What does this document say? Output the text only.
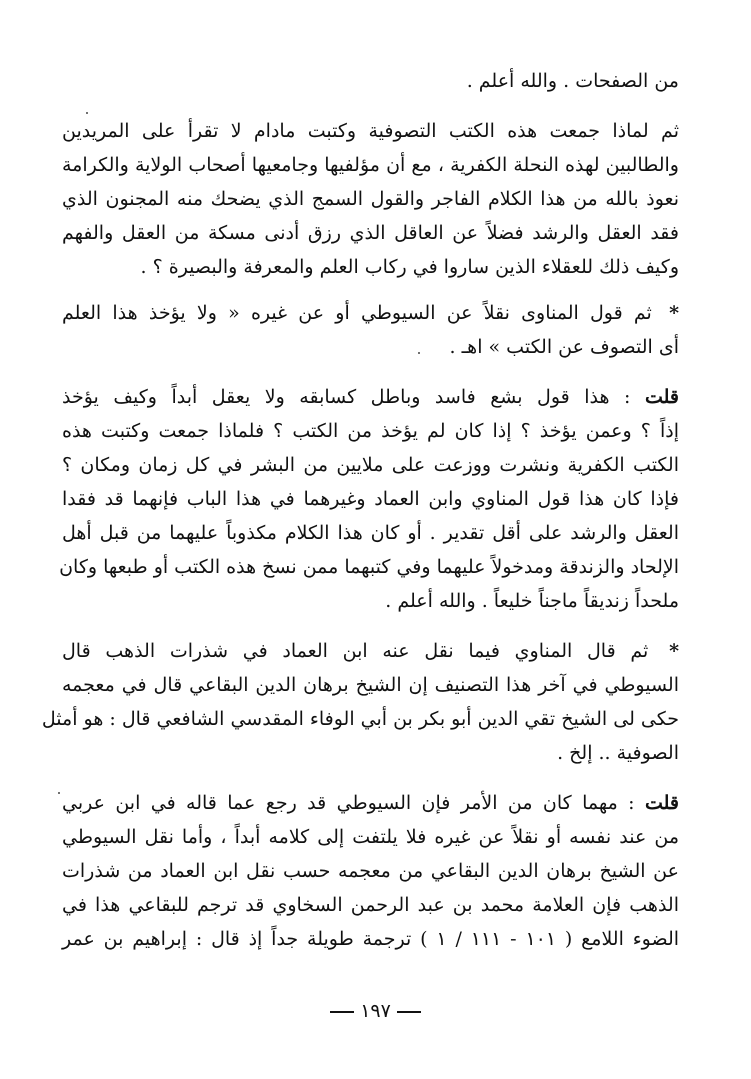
من الصفحات . والله أعلم .
ثم لماذا جمعت هذه الكتب التصوفية وكتبت مادام لا تقرأ على المريدين
والطالبين لهذه النحلة الكفرية ، مع أن مؤلفيها وجامعيها أصحاب الولاية والكرامة
نعوذ بالله من هذا الكلام الفاجر والقول السمج الذي يضحك منه المجنون الذي
فقد العقل والرشد فضلاً عن العاقل الذي رزق أدنى مسكة من العقل والفهم
وكيف ذلك للعقلاء الذين ساروا في ركاب العلم والمعرفة والبصيرة ؟ .
* ثم قول المناوى نقلاً عن السيوطي أو عن غيره « ولا يؤخذ هذا العلم
أى التصوف عن الكتب » اهـ .
قلت : هذا قول بشع فاسد وباطل كسابقه ولا يعقل أبداً وكيف يؤخذ
إذاً ؟ وعمن يؤخذ ؟ إذا كان لم يؤخذ من الكتب ؟ فلماذا جمعت وكتبت هذه
الكتب الكفرية ونشرت ووزعت على ملايين من البشر في كل زمان ومكان ؟
فإذا كان هذا قول المناوي وابن العماد وغيرهما في هذا الباب فإنهما قد فقدا
العقل والرشد على أقل تقدير . أو كان هذا الكلام مكذوباً عليهما من قبل أهل
الإلحاد والزندقة ومدخولاً عليهما وفي كتبهما ممن نسخ هذه الكتب أو طبعها وكان
ملحداً زنديقاً ماجناً خليعاً . والله أعلم .
* ثم قال المناوي فيما نقل عنه ابن العماد في شذرات الذهب قال
السيوطي في آخر هذا التصنيف إن الشيخ برهان الدين البقاعي قال في معجمه
حكى لى الشيخ تقي الدين أبو بكر بن أبي الوفاء المقدسي الشافعي قال : هو أمثل
الصوفية .. إلخ .
قلت : مهما كان من الأمر فإن السيوطي قد رجع عما قاله في ابن عربي
من عند نفسه أو نقلاً عن غيره فلا يلتفت إلى كلامه أبداً ، وأما نقل السيوطي
عن الشيخ برهان الدين البقاعي من معجمه حسب نقل ابن العماد من شذرات
الذهب فإن العلامة محمد بن عبد الرحمن السخاوي قد ترجم للبقاعي هذا في
الضوء اللامع ( ١٠١ - ١١١ / ١ ) ترجمة طويلة جداً إذ قال : إبراهيم بن عمر
١٩٧
